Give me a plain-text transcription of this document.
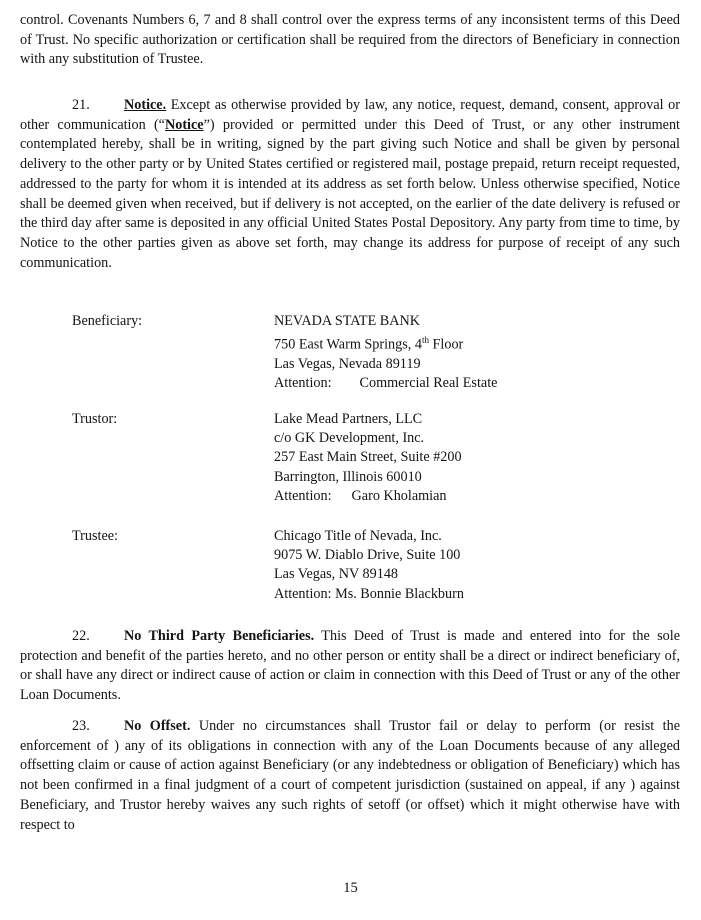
control. Covenants Numbers 6, 7 and 8 shall control over the express terms of any inconsistent terms of this Deed of Trust. No specific authorization or certification shall be required from the directors of Beneficiary in connection with any substitution of Trustee.

21. Notice. Except as otherwise provided by law, any notice, request, demand, consent, approval or other communication (“Notice”) provided or permitted under this Deed of Trust, or any other instrument contemplated hereby, shall be in writing, signed by the part giving such Notice and shall be given by personal delivery to the other party or by United States certified or registered mail, postage prepaid, return receipt requested, addressed to the party for whom it is intended at its address as set forth below. Unless otherwise specified, Notice shall be deemed given when received, but if delivery is not accepted, on the earlier of the date delivery is refused or the third day after same is deposited in any official United States Postal Depository. Any party from time to time, by Notice to the other parties given as above set forth, may change its address for purpose of receipt of any such communication.

Beneficiary:	NEVADA STATE BANK
750 East Warm Springs, 4th Floor
Las Vegas, Nevada 89119
Attention: Commercial Real Estate

Trustor:	Lake Mead Partners, LLC
c/o GK Development, Inc.
257 East Main Street, Suite #200
Barrington, Illinois 60010
Attention: Garo Kholamian

Trustee:	Chicago Title of Nevada, Inc.
9075 W. Diablo Drive, Suite 100
Las Vegas, NV 89148
Attention: Ms. Bonnie Blackburn

22. No Third Party Beneficiaries. This Deed of Trust is made and entered into for the sole protection and benefit of the parties hereto, and no other person or entity shall be a direct or indirect beneficiary of, or shall have any direct or indirect cause of action or claim in connection with this Deed of Trust or any of the other Loan Documents.

23. No Offset. Under no circumstances shall Trustor fail or delay to perform (or resist the enforcement of ) any of its obligations in connection with any of the Loan Documents because of any alleged offsetting claim or cause of action against Beneficiary (or any indebtedness or obligation of Beneficiary) which has not been confirmed in a final judgment of a court of competent jurisdiction (sustained on appeal, if any ) against Beneficiary, and Trustor hereby waives any such rights of setoff (or offset) which it might otherwise have with respect to

15
